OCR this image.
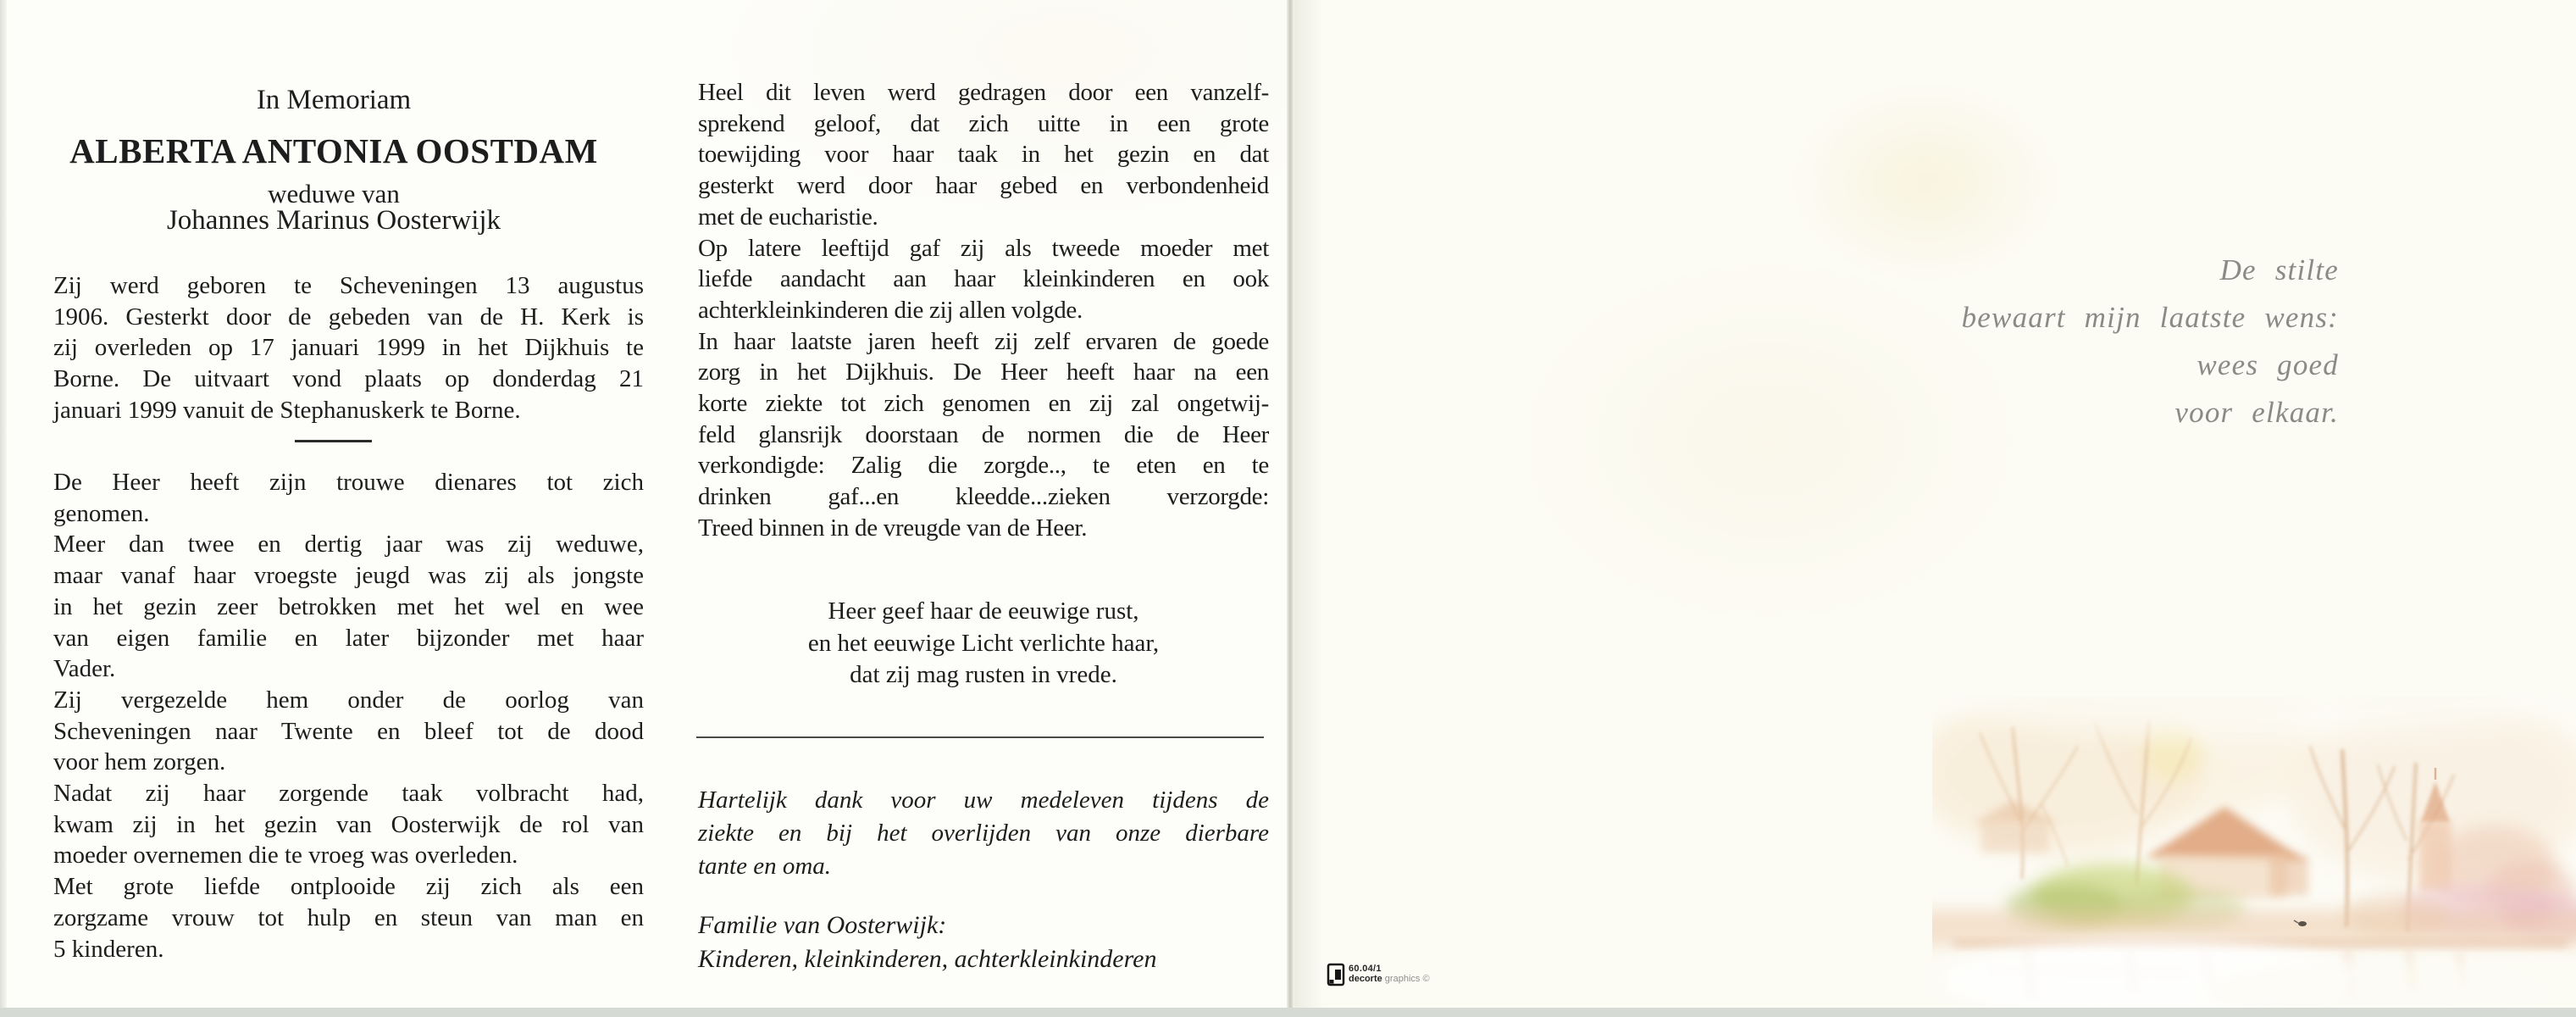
In Memoriam
ALBERTA ANTONIA OOSTDAM
weduwe van
Johannes Marinus Oosterwijk
Zij werd geboren te Scheveningen 13 augustus
1906. Gesterkt door de gebeden van de H. Kerk is
zij overleden op 17 januari 1999 in het Dijkhuis te
Borne. De uitvaart vond plaats op donderdag 21
januari 1999 vanuit de Stephanuskerk te Borne.
De Heer heeft zijn trouwe dienares tot zich
genomen.
Meer dan twee en dertig jaar was zij weduwe,
maar vanaf haar vroegste jeugd was zij als jongste
in het gezin zeer betrokken met het wel en wee
van eigen familie en later bijzonder met haar
Vader.
Zij vergezelde hem onder de oorlog van
Scheveningen naar Twente en bleef tot de dood
voor hem zorgen.
Nadat zij haar zorgende taak volbracht had,
kwam zij in het gezin van Oosterwijk de rol van
moeder overnemen die te vroeg was overleden.
Met grote liefde ontplooide zij zich als een
zorgzame vrouw tot hulp en steun van man en
5 kinderen.
Heel dit leven werd gedragen door een vanzelf-
sprekend geloof, dat zich uitte in een grote
toewijding voor haar taak in het gezin en dat
gesterkt werd door haar gebed en verbondenheid
met de eucharistie.
Op latere leeftijd gaf zij als tweede moeder met
liefde aandacht aan haar kleinkinderen en ook
achterkleinkinderen die zij allen volgde.
In haar laatste jaren heeft zij zelf ervaren de goede
zorg in het Dijkhuis. De Heer heeft haar na een
korte ziekte tot zich genomen en zij zal ongetwij-
feld glansrijk doorstaan de normen die de Heer
verkondigde: Zalig die zorgde.., te eten en te
drinken gaf...en kleedde...zieken verzorgde:
Treed binnen in de vreugde van de Heer.
Heer geef haar de eeuwige rust,
en het eeuwige Licht verlichte haar,
dat zij mag rusten in vrede.
Hartelijk dank voor uw medeleven tijdens de
ziekte en bij het overlijden van onze dierbare
tante en oma.
Familie van Oosterwijk:
Kinderen, kleinkinderen, achterkleinkinderen
De stilte
bewaart mijn laatste wens:
wees goed
voor elkaar.
60.04/1
decorte graphics ©
